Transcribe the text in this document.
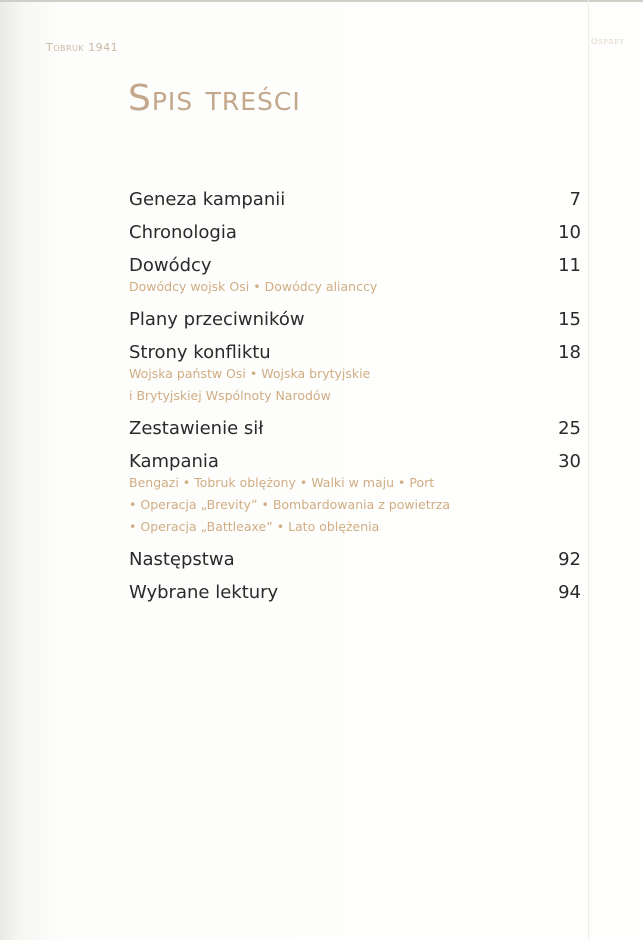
Tobruk 1941	Osprey
Spis treści
Geneza kampanii	7
Chronologia	10
Dowódcy	11
Dowódcy wojsk Osi • Dowódcy alianccy
Plany przeciwników	15
Strony konfliktu	18
Wojska państw Osi • Wojska brytyjskie
i Brytyjskiej Wspólnoty Narodów
Zestawienie sił	25
Kampania	30
Bengazi • Tobruk oblężony • Walki w maju • Port
• Operacja „Brevity” • Bombardowania z powietrza
• Operacja „Battleaxe” • Lato oblężenia
Następstwa	92
Wybrane lektury	94
